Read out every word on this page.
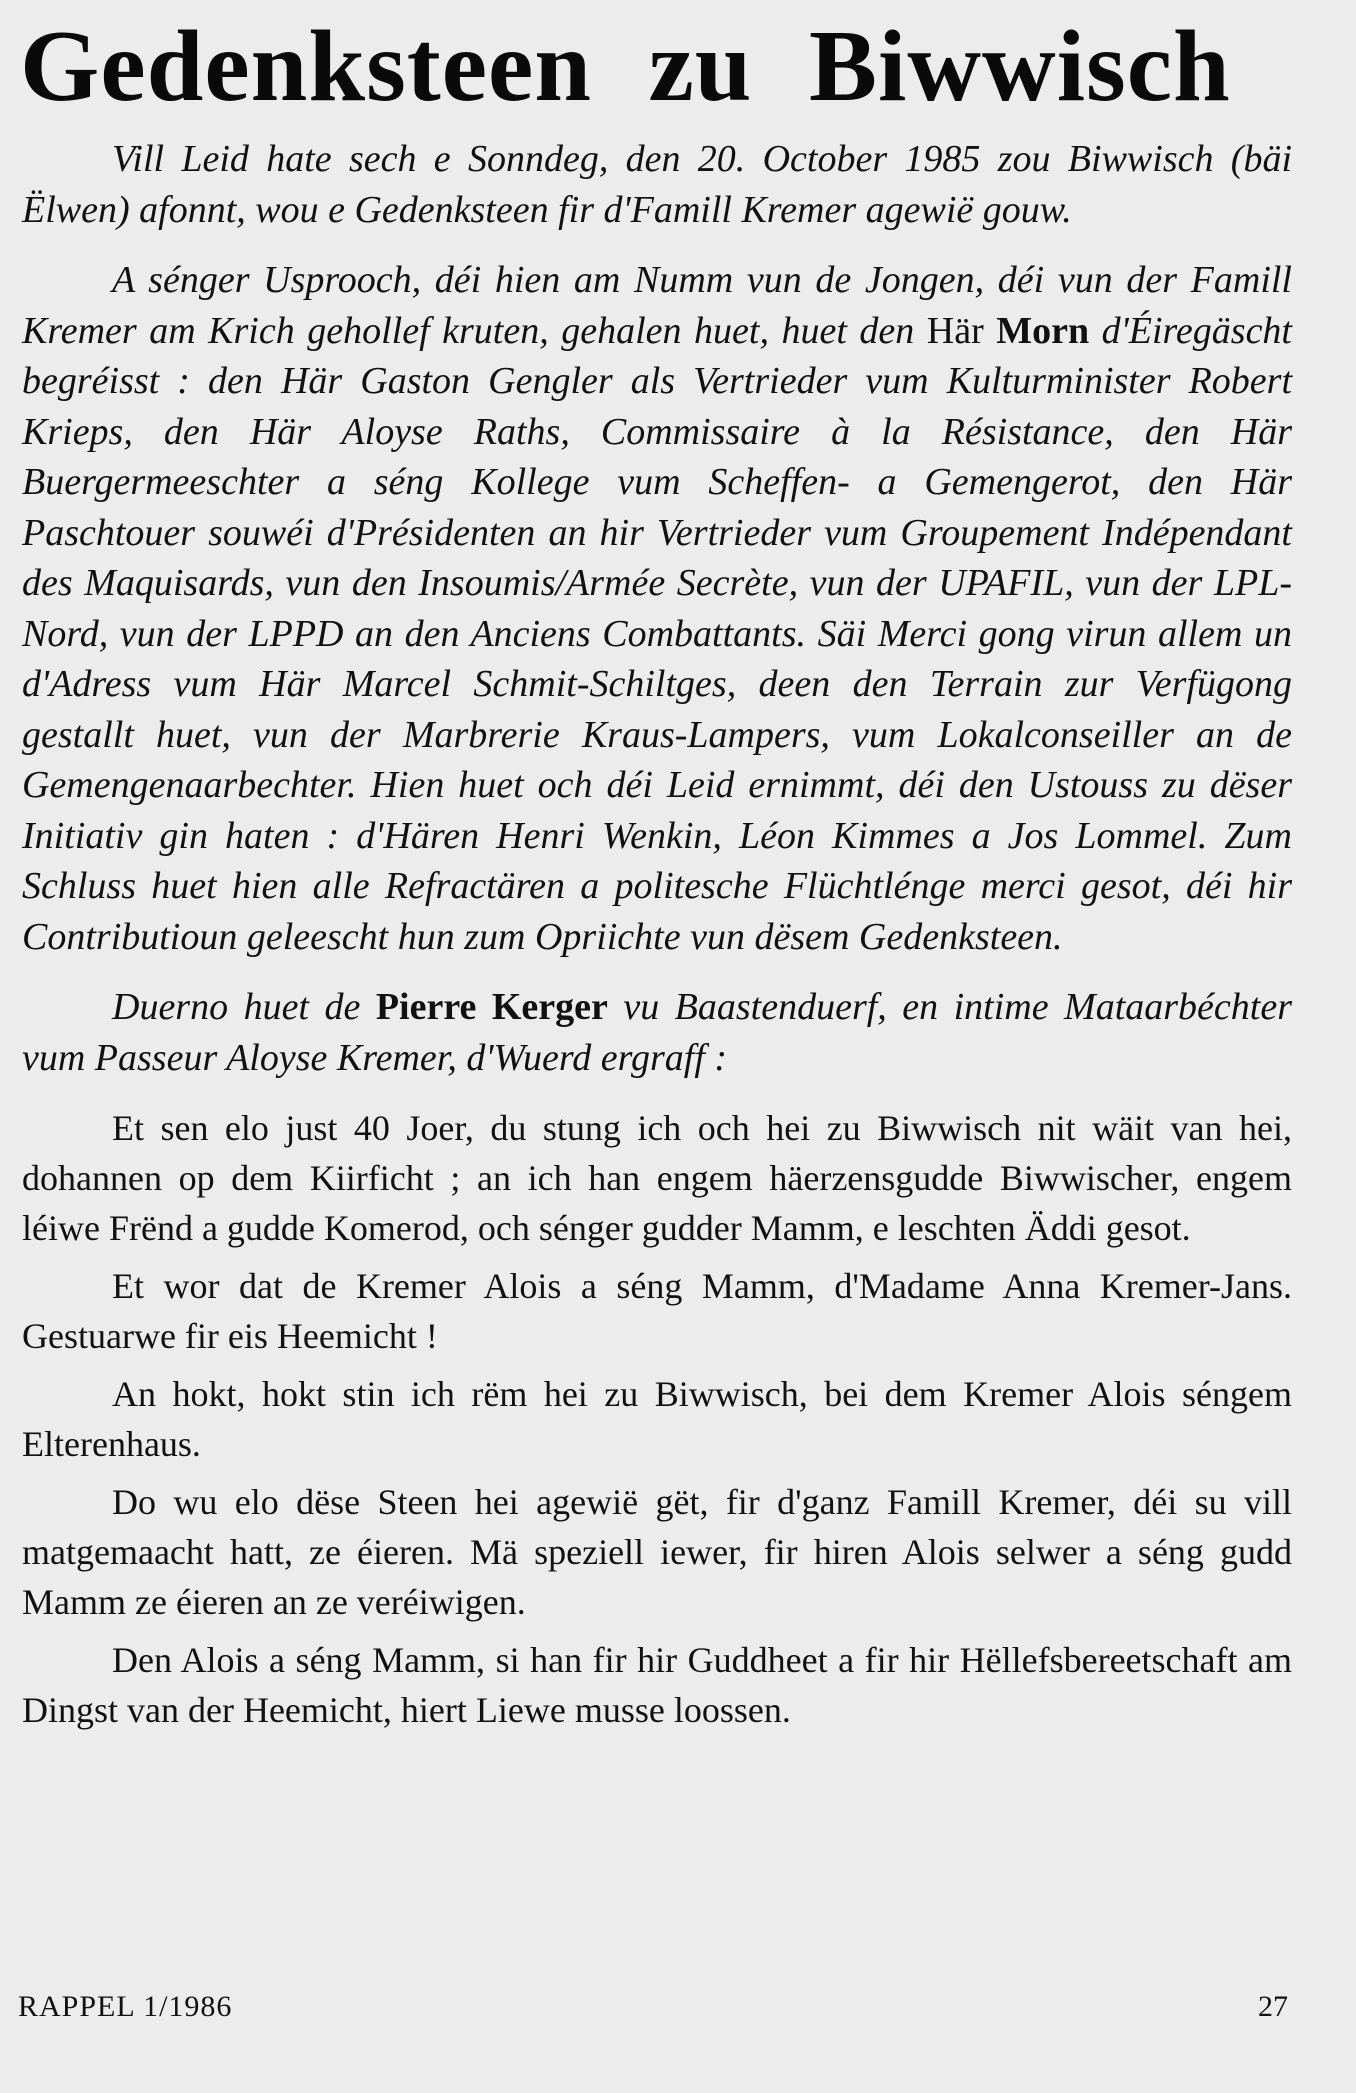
Gedenksteen zu Biwwisch

Vill Leid hate sech e Sonndeg, den 20. October 1985 zou Biwwisch (bäi Ëlwen) afonnt, wou e Gedenksteen fir d'Famill Kremer agewië gouw.

A sénger Usprooch, déi hien am Numm vun de Jongen, déi vun der Famill Kremer am Krich gehollef kruten, gehalen huet, huet den Här Morn d'Éiregäscht begréisst : den Här Gaston Gengler als Vertrieder vum Kulturminister Robert Krieps, den Här Aloyse Raths, Commissaire à la Résistance, den Här Buergermeeschter a séng Kollege vum Scheffen- a Gemengerot, den Här Paschtouer souwéi d'Présidenten an hir Vertrieder vum Groupement Indépendant des Maquisards, vun den Insoumis/Armée Secrète, vun der UPAFIL, vun der LPL-Nord, vun der LPPD an den Anciens Combattants. Säi Merci gong virun allem un d'Adress vum Här Marcel Schmit-Schiltges, deen den Terrain zur Verfügong gestallt huet, vun der Marbrerie Kraus-Lampers, vum Lokalconseiller an de Gemengenaarbechter. Hien huet och déi Leid ernimmt, déi den Ustouss zu dëser Initiativ gin haten : d'Hären Henri Wenkin, Léon Kimmes a Jos Lommel. Zum Schluss huet hien alle Refractären a politesche Flüchtlénge merci gesot, déi hir Contributioun geleescht hun zum Opriichte vun dësem Gedenksteen.

Duerno huet de Pierre Kerger vu Baastenduerf, en intime Mataarbéchter vum Passeur Aloyse Kremer, d'Wuerd ergraff :

Et sen elo just 40 Joer, du stung ich och hei zu Biwwisch nit wäit van hei, dohannen op dem Kiirficht ; an ich han engem häerzensgudde Biwwischer, engem léiwe Frënd a gudde Komerod, och sénger gudder Mamm, e leschten Äddi gesot.

Et wor dat de Kremer Alois a séng Mamm, d'Madame Anna Kremer-Jans. Gestuarwe fir eis Heemicht !

An hokt, hokt stin ich rëm hei zu Biwwisch, bei dem Kremer Alois séngem Elterenhaus.

Do wu elo dëse Steen hei agewië gët, fir d'ganz Famill Kremer, déi su vill matgemaacht hatt, ze éieren. Mä speziell iewer, fir hiren Alois selwer a séng gudd Mamm ze éieren an ze veréiwigen.

Den Alois a séng Mamm, si han fir hir Guddheet a fir hir Hëllefsbereetschaft am Dingst van der Heemicht, hiert Liewe musse loossen.

RAPPEL 1/1986	27
